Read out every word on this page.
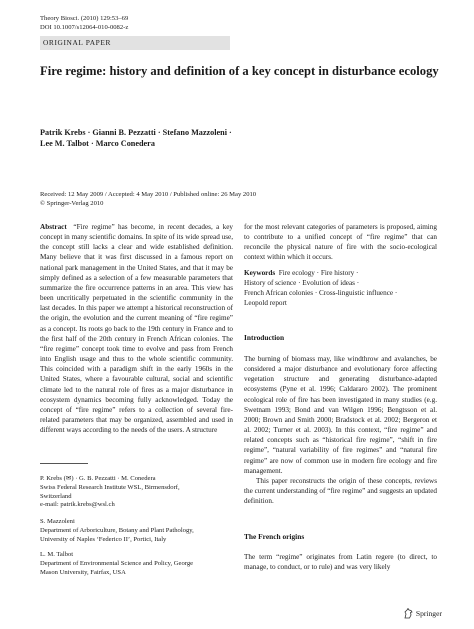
Theory Biosci. (2010) 129:53–69
DOI 10.1007/s12064-010-0082-z
ORIGINAL PAPER
Fire regime: history and definition of a key concept in disturbance ecology
Patrik Krebs · Gianni B. Pezzatti · Stefano Mazzoleni ·
Lee M. Talbot · Marco Conedera
Received: 12 May 2009 / Accepted: 4 May 2010 / Published online: 26 May 2010
© Springer-Verlag 2010

Abstract “Fire regime” has become, in recent decades, a key concept in many scientific domains. In spite of its wide spread use, the concept still lacks a clear and wide established definition. Many believe that it was first discussed in a famous report on national park management in the United States, and that it may be simply defined as a selection of a few measurable parameters that summarize the fire occurrence patterns in an area. This view has been uncritically perpetuated in the scientific community in the last decades. In this paper we attempt a historical reconstruction of the origin, the evolution and the current meaning of “fire regime” as a concept. Its roots go back to the 19th century in France and to the first half of the 20th century in French African colonies. The “fire regime” concept took time to evolve and pass from French into English usage and thus to the whole scientific community. This coincided with a paradigm shift in the early 1960s in the United States, where a favourable cultural, social and scientific climate led to the natural role of fires as a major disturbance in ecosystem dynamics becoming fully acknowledged. Today the concept of “fire regime” refers to a collection of several fire-related parameters that may be organized, assembled and used in different ways according to the needs of the users. A structure

P. Krebs (✉) · G. B. Pezzatti · M. Conedera
Swiss Federal Research Institute WSL, Birmensdorf,
Switzerland
e-mail: patrik.krebs@wsl.ch
S. Mazzoleni
Department of Arboriculture, Botany and Plant Pathology,
University of Naples ‘Federico II’, Portici, Italy
L. M. Talbot
Department of Environmental Science and Policy, George
Mason University, Fairfax, USA

for the most relevant categories of parameters is proposed, aiming to contribute to a unified concept of “fire regime” that can reconcile the physical nature of fire with the socio-ecological context within which it occurs.

Keywords Fire ecology · Fire history ·
History of science · Evolution of ideas ·
French African colonies · Cross-linguistic influence ·
Leopold report
Introduction

The burning of biomass may, like windthrow and avalanches, be considered a major disturbance and evolutionary force affecting vegetation structure and generating disturbance-adapted ecosystems (Pyne et al. 1996; Caldararo 2002). The prominent ecological role of fire has been investigated in many studies (e.g. Swetnam 1993; Bond and van Wilgen 1996; Bengtsson et al. 2000; Brown and Smith 2000; Bradstock et al. 2002; Bergeron et al. 2002; Turner et al. 2003). In this context, “fire regime” and related concepts such as “historical fire regime”, “shift in fire regime”, “natural variability of fire regimes” and “natural fire regime” are now of common use in modern fire ecology and fire management.

This paper reconstructs the origin of these concepts, reviews the current understanding of “fire regime” and suggests an updated definition.

The French origins

The term “regime” originates from Latin regere (to direct, to manage, to conduct, or to rule) and was very likely

Springer
